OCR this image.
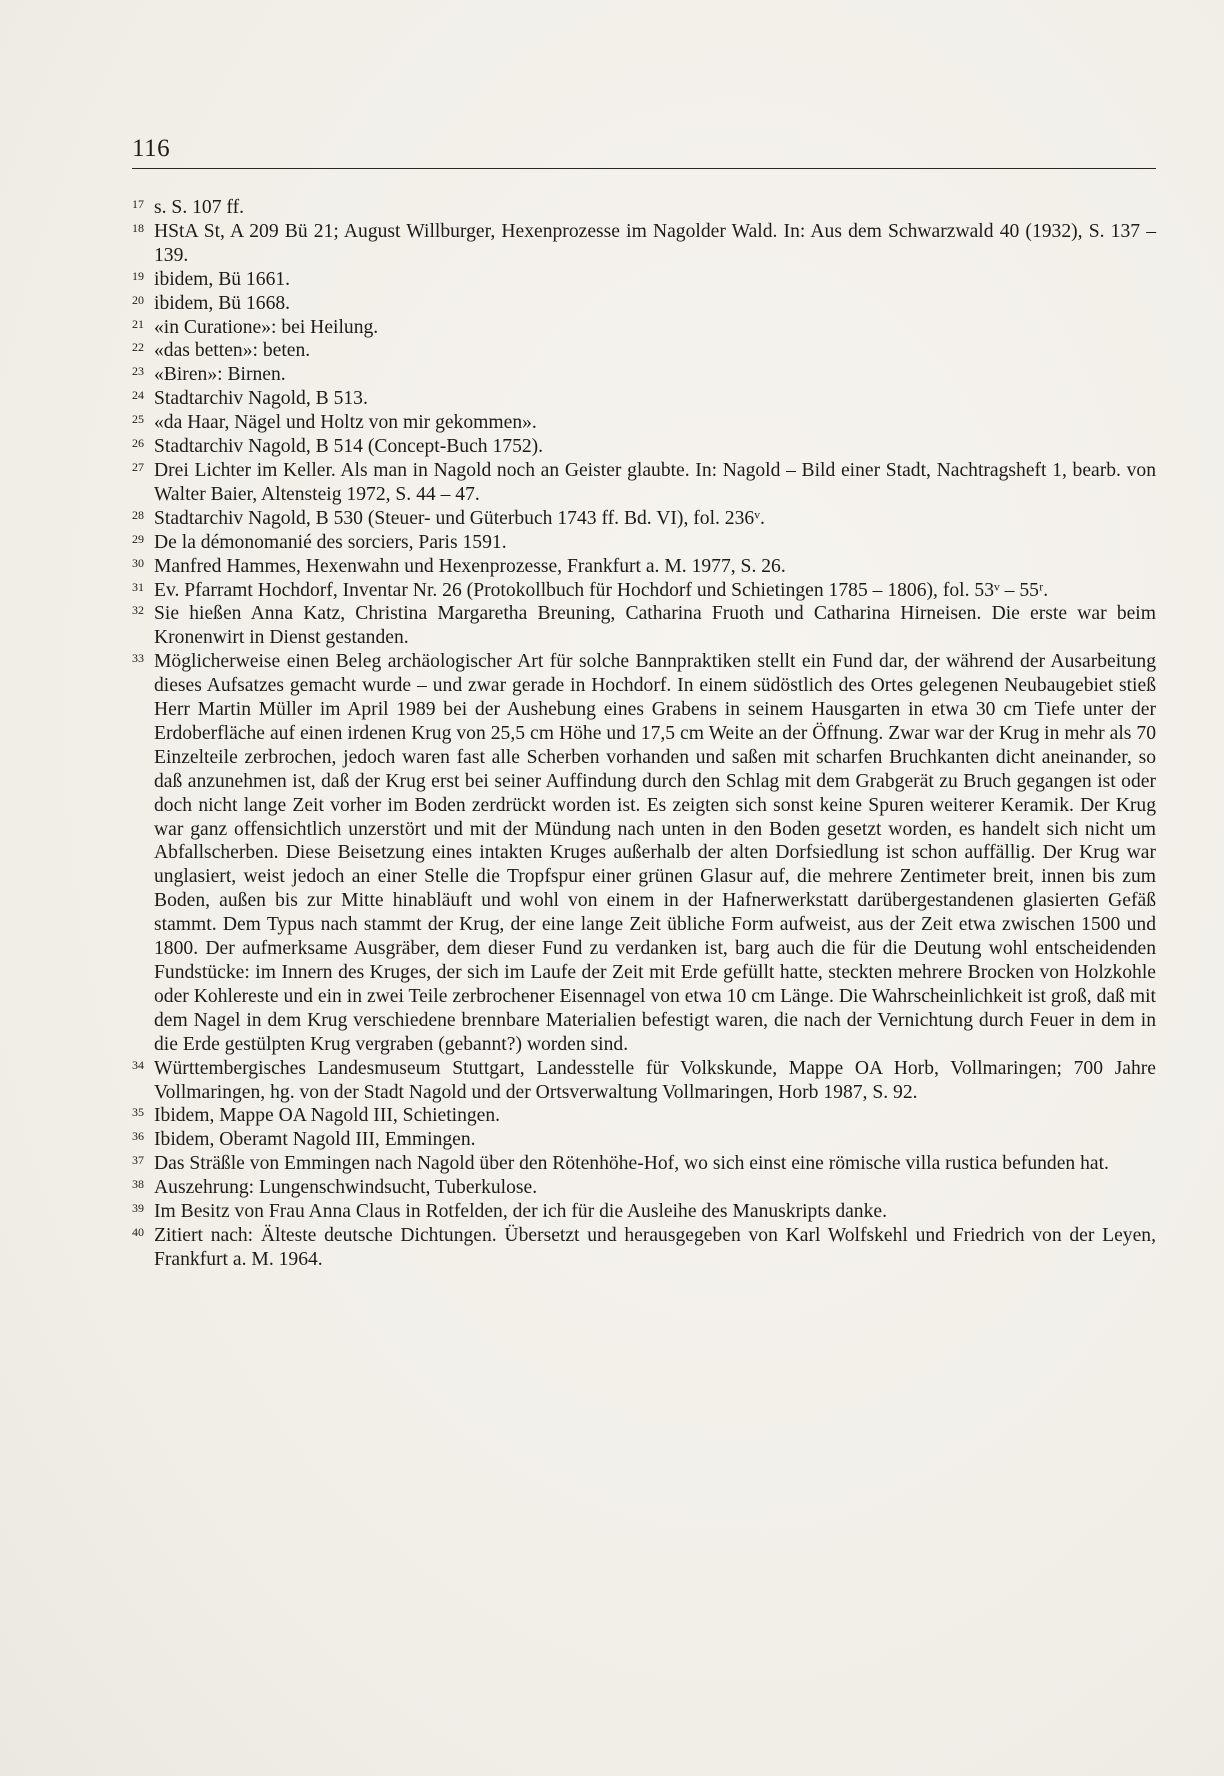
116
17 s. S. 107 ff.
18 HStA St, A 209 Bü 21; August Willburger, Hexenprozesse im Nagolder Wald. In: Aus dem Schwarzwald 40 (1932), S. 137 – 139.
19 ibidem, Bü 1661.
20 ibidem, Bü 1668.
21 «in Curatione»: bei Heilung.
22 «das betten»: beten.
23 «Biren»: Birnen.
24 Stadtarchiv Nagold, B 513.
25 «da Haar, Nägel und Holtz von mir gekommen».
26 Stadtarchiv Nagold, B 514 (Concept-Buch 1752).
27 Drei Lichter im Keller. Als man in Nagold noch an Geister glaubte. In: Nagold – Bild einer Stadt, Nachtragsheft 1, bearb. von Walter Baier, Altensteig 1972, S. 44 – 47.
28 Stadtarchiv Nagold, B 530 (Steuer- und Güterbuch 1743 ff. Bd. VI), fol. 236ᵛ.
29 De la démonomanié des sorciers, Paris 1591.
30 Manfred Hammes, Hexenwahn und Hexenprozesse, Frankfurt a. M. 1977, S. 26.
31 Ev. Pfarramt Hochdorf, Inventar Nr. 26 (Protokollbuch für Hochdorf und Schietingen 1785 – 1806), fol. 53ᵛ – 55ʳ.
32 Sie hießen Anna Katz, Christina Margaretha Breuning, Catharina Fruoth und Catharina Hirneisen. Die erste war beim Kronenwirt in Dienst gestanden.
33 Möglicherweise einen Beleg archäologischer Art für solche Bannpraktiken stellt ein Fund dar, der während der Ausarbeitung dieses Aufsatzes gemacht wurde – und zwar gerade in Hochdorf. In einem südöstlich des Ortes gelegenen Neubaugebiet stieß Herr Martin Müller im April 1989 bei der Aushebung eines Grabens in seinem Hausgarten in etwa 30 cm Tiefe unter der Erdoberfläche auf einen irdenen Krug von 25,5 cm Höhe und 17,5 cm Weite an der Öffnung. Zwar war der Krug in mehr als 70 Einzelteile zerbrochen, jedoch waren fast alle Scherben vorhanden und saßen mit scharfen Bruchkanten dicht aneinander, so daß anzunehmen ist, daß der Krug erst bei seiner Auffindung durch den Schlag mit dem Grabgerät zu Bruch gegangen ist oder doch nicht lange Zeit vorher im Boden zerdrückt worden ist. Es zeigten sich sonst keine Spuren weiterer Keramik. Der Krug war ganz offensichtlich unzerstört und mit der Mündung nach unten in den Boden gesetzt worden, es handelt sich nicht um Abfallscherben. Diese Beisetzung eines intakten Kruges außerhalb der alten Dorfsiedlung ist schon auffällig. Der Krug war unglasiert, weist jedoch an einer Stelle die Tropfspur einer grünen Glasur auf, die mehrere Zentimeter breit, innen bis zum Boden, außen bis zur Mitte hinabläuft und wohl von einem in der Hafnerwerkstatt darübergestandenen glasierten Gefäß stammt. Dem Typus nach stammt der Krug, der eine lange Zeit übliche Form aufweist, aus der Zeit etwa zwischen 1500 und 1800. Der aufmerksame Ausgräber, dem dieser Fund zu verdanken ist, barg auch die für die Deutung wohl entscheidenden Fundstücke: im Innern des Kruges, der sich im Laufe der Zeit mit Erde gefüllt hatte, steckten mehrere Brocken von Holzkohle oder Kohlereste und ein in zwei Teile zerbrochener Eisennagel von etwa 10 cm Länge. Die Wahrscheinlichkeit ist groß, daß mit dem Nagel in dem Krug verschiedene brennbare Materialien befestigt waren, die nach der Vernichtung durch Feuer in dem in die Erde gestülpten Krug vergraben (gebannt?) worden sind.
34 Württembergisches Landesmuseum Stuttgart, Landesstelle für Volkskunde, Mappe OA Horb, Vollmaringen; 700 Jahre Vollmaringen, hg. von der Stadt Nagold und der Ortsverwaltung Vollmaringen, Horb 1987, S. 92.
35 Ibidem, Mappe OA Nagold III, Schietingen.
36 Ibidem, Oberamt Nagold III, Emmingen.
37 Das Sträßle von Emmingen nach Nagold über den Rötenhöhe-Hof, wo sich einst eine römische villa rustica befunden hat.
38 Auszehrung: Lungenschwindsucht, Tuberkulose.
39 Im Besitz von Frau Anna Claus in Rotfelden, der ich für die Ausleihe des Manuskripts danke.
40 Zitiert nach: Älteste deutsche Dichtungen. Übersetzt und herausgegeben von Karl Wolfskehl und Friedrich von der Leyen, Frankfurt a. M. 1964.
